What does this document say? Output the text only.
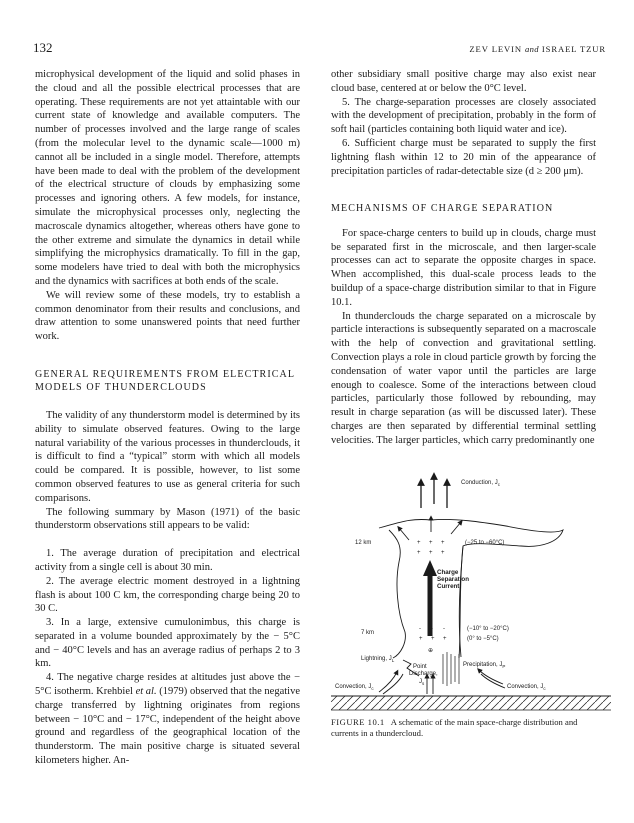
132	ZEV LEVIN and ISRAEL TZUR

microphysical development of the liquid and solid phases in the cloud and all the possible electrical processes that are operating. These requirements are not yet attaintable with our current state of knowledge and available computers. The number of processes involved and the large range of scales (from the molecular level to the dynamic scale—1000 m) cannot all be included in a single model. Therefore, attempts have been made to deal with the problem of the development of the electrical structure of clouds by emphasizing some processes and ignoring others. A few models, for instance, simulate the microphysical processes only, neglecting the macroscale dynamics altogether, whereas others have gone to the other extreme and simulate the dynamics in detail while simplifying the microphysics dramatically. To fill in the gap, some modelers have tried to deal with both the microphysics and the dynamics with sacrifices at both ends of the scale.

We will review some of these models, try to establish a common denominator from their results and conclusions, and draw attention to some unanswered points that need further work.

GENERAL REQUIREMENTS FROM ELECTRICAL MODELS OF THUNDERCLOUDS

The validity of any thunderstorm model is determined by its ability to simulate observed features. Owing to the large natural variability of the various processes in thunderclouds, it is difficult to find a “typical” storm with which all models could be compared. It is possible, however, to list some common observed features to use as general criteria for such comparisons.

The following summary by Mason (1971) of the basic thunderstorm observations still appears to be valid:

1. The average duration of precipitation and electrical activity from a single cell is about 30 min.

2. The average electric moment destroyed in a lightning flash is about 100 C km, the corresponding charge being 20 to 30 C.

3. In a large, extensive cumulonimbus, this charge is separated in a volume bounded approximately by the − 5°C and − 40°C levels and has an average radius of perhaps 2 to 3 km.

4. The negative charge resides at altitudes just above the − 5°C isotherm. Krehbiel et al. (1979) observed that the negative charge transferred by lightning originates from regions between − 10°C and − 17°C, independent of the height above ground and regardless of the geographical location of the thunderstorm. The main positive charge is situated several kilometers higher. An-

other subsidiary small positive charge may also exist near cloud base, centered at or below the 0°C level.

5. The charge-separation processes are closely associated with the development of precipitation, probably in the form of soft hail (particles containing both liquid water and ice).

6. Sufficient charge must be separated to supply the first lightning flash within 12 to 20 min of the appearance of precipitation particles of radar-detectable size (d ≥ 200 μm).

MECHANISMS OF CHARGE SEPARATION

For space-charge centers to build up in clouds, charge must be separated first in the microscale, and then larger-scale processes can act to separate the opposite charges in space. When accomplished, this dual-scale process leads to the buildup of a space-charge distribution similar to that in Figure 10.1.

In thunderclouds the charge separated on a microscale by particle interactions is subsequently separated on a macroscale with the help of convection and gravitational settling. Convection plays a role in cloud particle growth by forcing the condensation of water vapor until the particles are large enough to coalesce. Some of the interactions between cloud particles, particularly those followed by rebounding, may result in charge separation (as will be discussed later). These charges are then separated by differential terminal settling velocities. The larger particles, which carry predominantly one

Conduction, $J_c$
+ + +
+ + +
12 km	(−25 to −60°C)
Charge
Separation
Current
- - -
+ + +
7 km
(−10° to −20°C)
(0° to −5°C)
⊕
Precipitation, $J_P$
Lightning, $J_L$
Point
Discharge,
$J_s$
Convection, $J_c$	Convection, $J_c$
FIGURE 10.1 A schematic of the main space-charge distribution and currents in a thundercloud.
